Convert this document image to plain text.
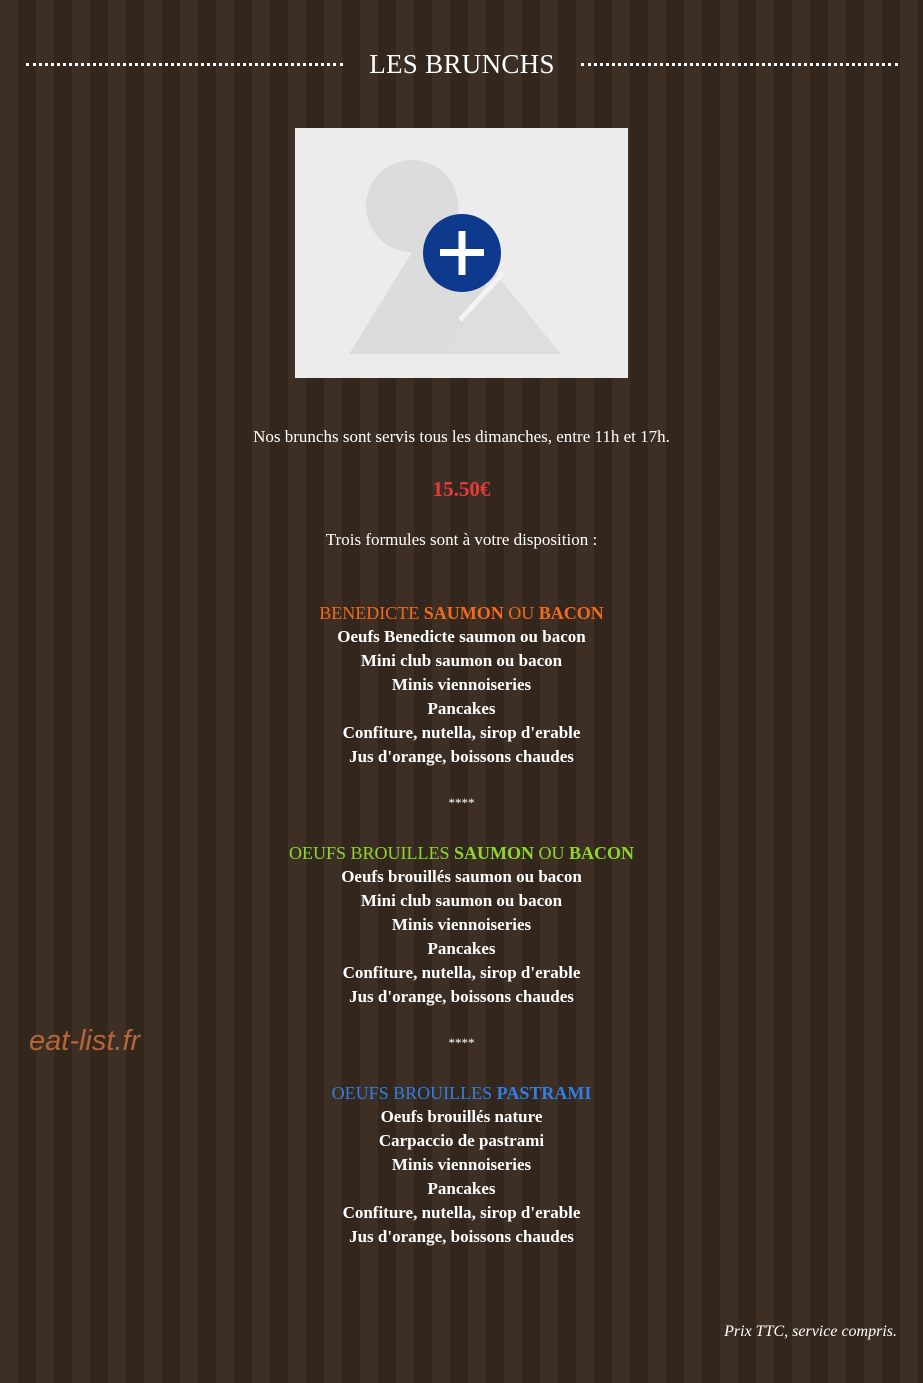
LES BRUNCHS
Nos brunchs sont servis tous les dimanches, entre 11h et 17h.
15.50€
Trois formules sont à votre disposition :
BENEDICTE SAUMON OU BACON
Oeufs Benedicte saumon ou bacon
Mini club saumon ou bacon
Minis viennoiseries
Pancakes
Confiture, nutella, sirop d'erable
Jus d'orange, boissons chaudes
****
OEUFS BROUILLES SAUMON OU BACON
Oeufs brouillés saumon ou bacon
Mini club saumon ou bacon
Minis viennoiseries
Pancakes
Confiture, nutella, sirop d'erable
Jus d'orange, boissons chaudes
****
OEUFS BROUILLES PASTRAMI
Oeufs brouillés nature
Carpaccio de pastrami
Minis viennoiseries
Pancakes
Confiture, nutella, sirop d'erable
Jus d'orange, boissons chaudes
eat-list.fr
Prix TTC, service compris.
